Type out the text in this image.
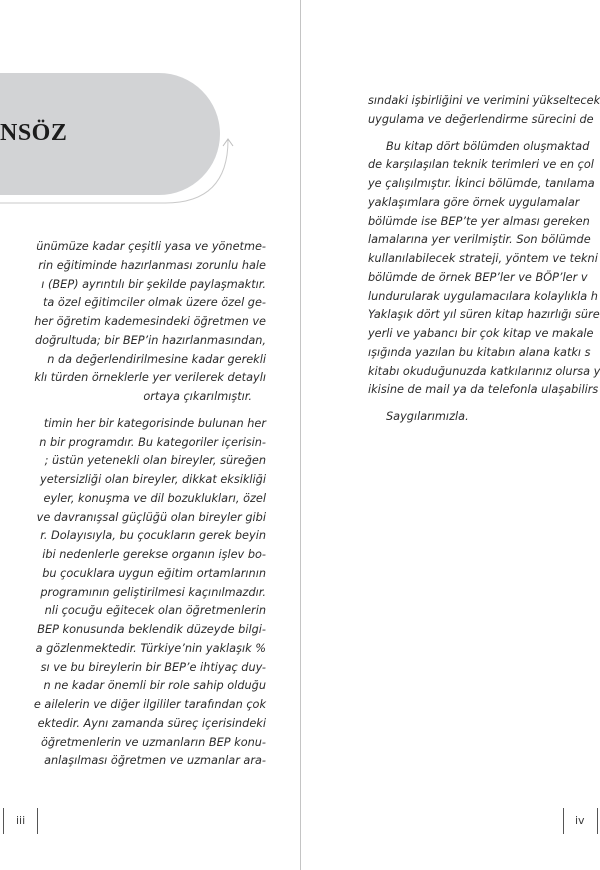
NSÖZ
ünümüze kadar çeşitli yasa ve yönetme-
rin eğitiminde hazırlanması zorunlu hale
ı (BEP) ayrıntılı bir şekilde paylaşmaktır.
ta özel eğitimciler olmak üzere özel ge-
her öğretim kademesindeki öğretmen ve
doğrultuda; bir BEP’in hazırlanmasından,
n da değerlendirilmesine kadar gerekli
klı türden örneklerle yer verilerek detaylı
ortaya çıkarılmıştır.
timin her bir kategorisinde bulunan her
n bir programdır. Bu kategoriler içerisin-
; üstün yetenekli olan bireyler, süreğen
yetersizliği olan bireyler, dikkat eksikliği
eyler, konuşma ve dil bozuklukları, özel
ve davranışsal güçlüğü olan bireyler gibi
r. Dolayısıyla, bu çocukların gerek beyin
ibi nedenlerle gerekse organın işlev bo-
bu çocuklara uygun eğitim ortamlarının
programının geliştirilmesi kaçınılmazdır.
nli çocuğu eğitecek olan öğretmenlerin
BEP konusunda beklendik düzeyde bilgi-
a gözlenmektedir. Türkiye’nin yaklaşık %
sı ve bu bireylerin bir BEP’e ihtiyaç duy-
n ne kadar önemli bir role sahip olduğu
e ailelerin ve diğer ilgililer tarafından çok
ektedir. Aynı zamanda süreç içerisindeki
öğretmenlerin ve uzmanların BEP konu-
anlaşılması öğretmen ve uzmanlar ara-
iii
sındaki işbirliğini ve verimini yükseltecek
uygulama ve değerlendirme sürecini de
Bu kitap dört bölümden oluşmaktad
de karşılaşılan teknik terimleri ve en çol
ye çalışılmıştır. İkinci bölümde, tanılama
yaklaşımlara göre örnek uygulamalar
bölümde ise BEP’te yer alması gereken
lamalarına yer verilmiştir. Son bölümde
kullanılabilecek strateji, yöntem ve tekni
bölümde de örnek BEP’ler ve BÖP’ler v
lundurularak uygulamacılara kolaylıkla h
Yaklaşık dört yıl süren kitap hazırlığı süre
yerli ve yabancı bir çok kitap ve makale
ışığında yazılan bu kitabın alana katkı s
kitabı okuduğunuzda katkılarınız olursa y
ikisine de mail ya da telefonla ulaşabilirs
Saygılarımızla.
iv
